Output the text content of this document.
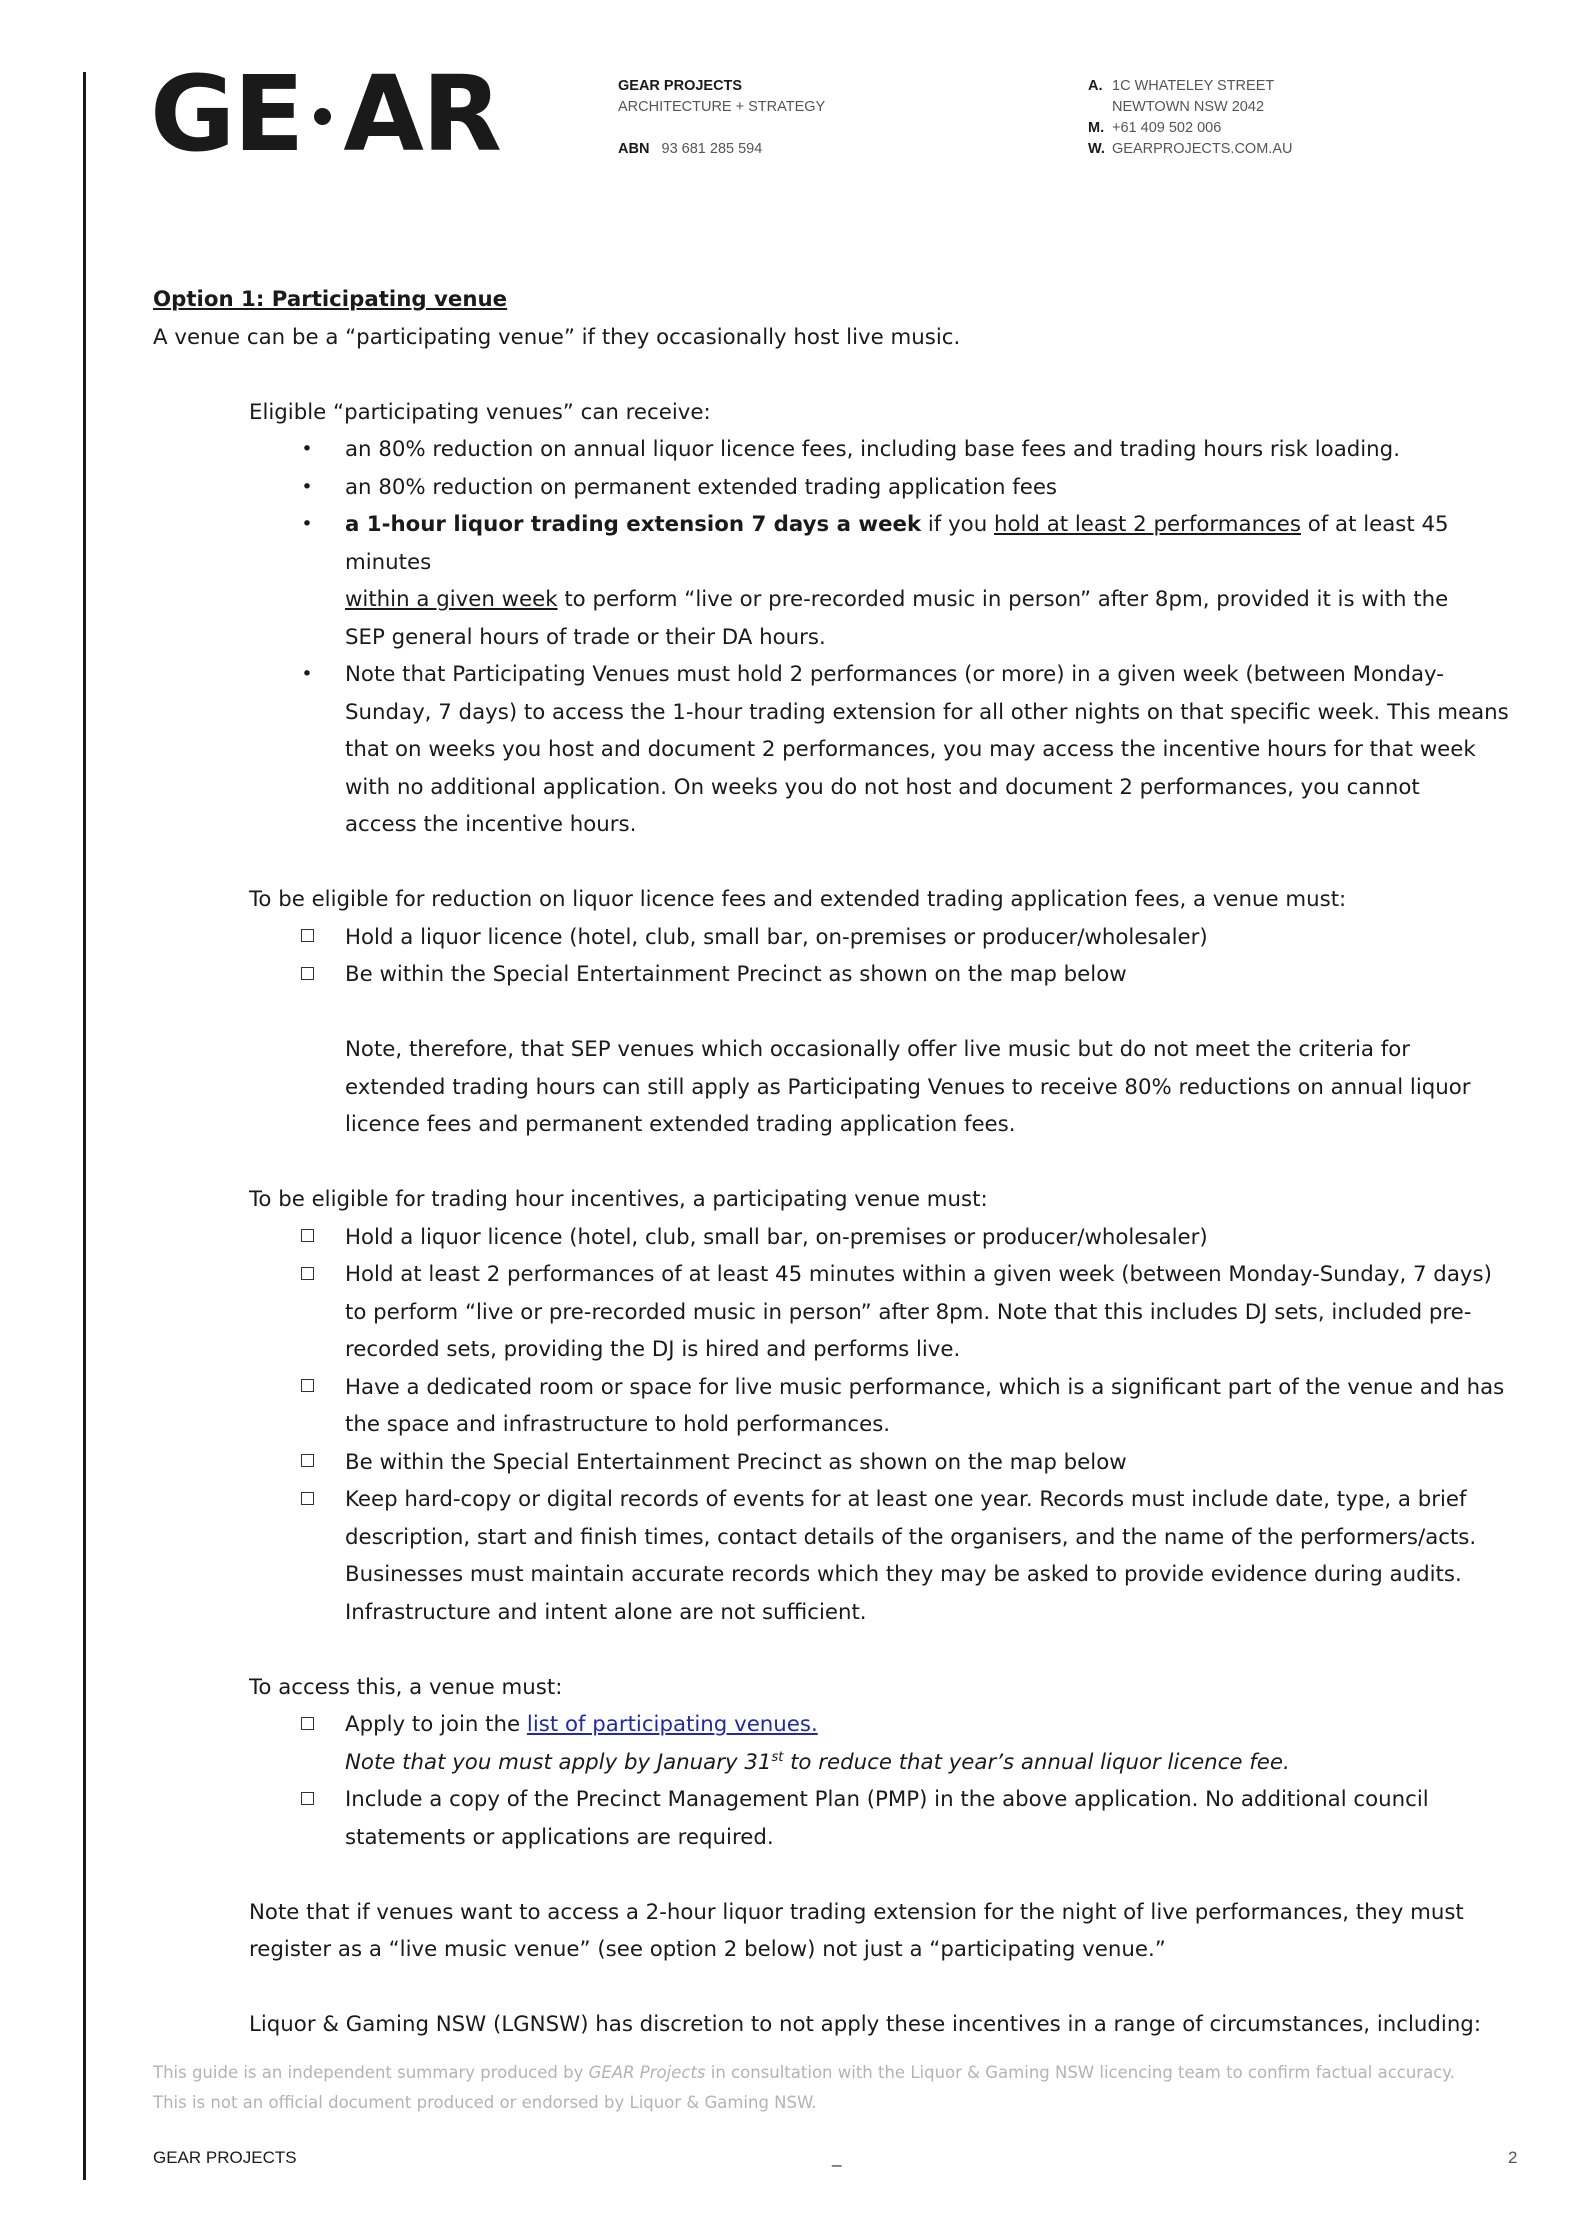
GE AR	GEAR PROJECTS
ARCHITECTURE + STRATEGY
ABN 93 681 285 594
A. 1C WHATELEY STREET
NEWTOWN NSW 2042
M. +61 409 502 006
W. GEARPROJECTS.COM.AU

Option 1: Participating venue

A venue can be a “participating venue” if they occasionally host live music.

Eligible “participating venues” can receive:

• an 80% reduction on annual liquor licence fees, including base fees and trading hours risk loading.
• an 80% reduction on permanent extended trading application fees
• a 1-hour liquor trading extension 7 days a week if you hold at least 2 performances of at least 45 minutes
within a given week to perform “live or pre-recorded music in person” after 8pm, provided it is with the
SEP general hours of trade or their DA hours.
• Note that Participating Venues must hold 2 performances (or more) in a given week (between Monday-
Sunday, 7 days) to access the 1-hour trading extension for all other nights on that specific week. This means
that on weeks you host and document 2 performances, you may access the incentive hours for that week
with no additional application. On weeks you do not host and document 2 performances, you cannot
access the incentive hours.

To be eligible for reduction on liquor licence fees and extended trading application fees, a venue must:

Hold a liquor licence (hotel, club, small bar, on-premises or producer/wholesaler)
Be within the Special Entertainment Precinct as shown on the map below
Note, therefore, that SEP venues which occasionally offer live music but do not meet the criteria for
extended trading hours can still apply as Participating Venues to receive 80% reductions on annual liquor
licence fees and permanent extended trading application fees.

To be eligible for trading hour incentives, a participating venue must:

Hold a liquor licence (hotel, club, small bar, on-premises or producer/wholesaler)
Hold at least 2 performances of at least 45 minutes within a given week (between Monday-Sunday, 7 days)
to perform “live or pre-recorded music in person” after 8pm. Note that this includes DJ sets, included pre-
recorded sets, providing the DJ is hired and performs live.
Have a dedicated room or space for live music performance, which is a significant part of the venue and has
the space and infrastructure to hold performances.
Be within the Special Entertainment Precinct as shown on the map below
Keep hard-copy or digital records of events for at least one year. Records must include date, type, a brief
description, start and finish times, contact details of the organisers, and the name of the performers/acts.
Businesses must maintain accurate records which they may be asked to provide evidence during audits.
Infrastructure and intent alone are not sufficient.

To access this, a venue must:

Apply to join the list of participating venues.
Note that you must apply by January 31st to reduce that year’s annual liquor licence fee.
Include a copy of the Precinct Management Plan (PMP) in the above application. No additional council
statements or applications are required.

Note that if venues want to access a 2-hour liquor trading extension for the night of live performances, they must
register as a “live music venue” (see option 2 below) not just a “participating venue.”

Liquor & Gaming NSW (LGNSW) has discretion to not apply these incentives in a range of circumstances, including:

This guide is an independent summary produced by GEAR Projects in consultation with the Liquor & Gaming NSW licencing team to confirm factual accuracy.
This is not an official document produced or endorsed by Liquor & Gaming NSW.
GEAR PROJECTS	_	2
